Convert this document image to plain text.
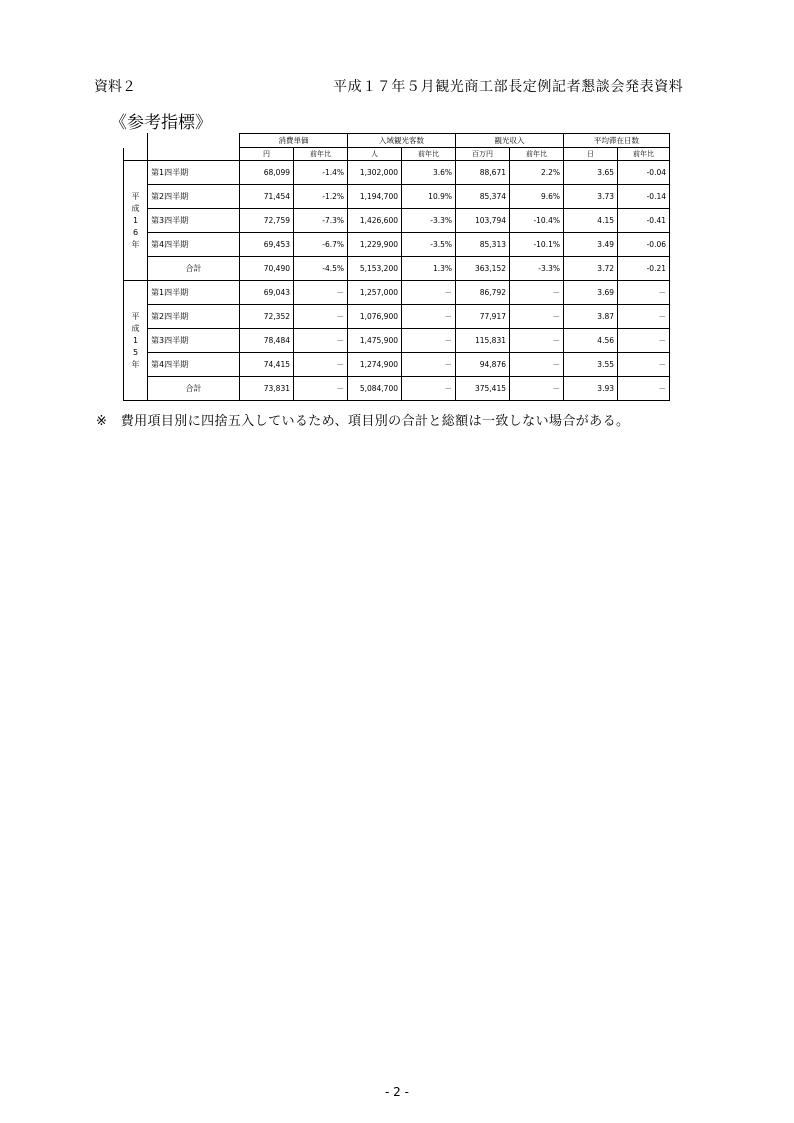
資料２	平成１７年５月観光商工部長定例記者懇談会発表資料
《参考指標》
		消費単価		入域観光客数		観光収入		平均滞在日数	
		円	前年比	人	前年比	百万円	前年比	日	前年比

平
成
1
6
年	第1四半期	68,099	-1.4%	1,302,000	3.6%	88,671	2.2%	3.65	-0.04
	第2四半期	71,454	-1.2%	1,194,700	10.9%	85,374	9.6%	3.73	-0.14
	第3四半期	72,759	-7.3%	1,426,600	-3.3%	103,794	-10.4%	4.15	-0.41
	第4四半期	69,453	-6.7%	1,229,900	-3.5%	85,313	-10.1%	3.49	-0.06
	合計	70,490	-4.5%	5,153,200	1.3%	363,152	-3.3%	3.72	-0.21

平
成
1
5
年	第1四半期	69,043	－	1,257,000	－	86,792	－	3.69	－
	第2四半期	72,352	－	1,076,900	－	77,917	－	3.87	－
	第3四半期	78,484	－	1,475,900	－	115,831	－	4.56	－
	第4四半期	74,415	－	1,274,900	－	94,876	－	3.55	－
	合計	73,831	－	5,084,700	－	375,415	－	3.93	－
※　費用項目別に四捨五入しているため、項目別の合計と総額は一致しない場合がある。
- 2 -
